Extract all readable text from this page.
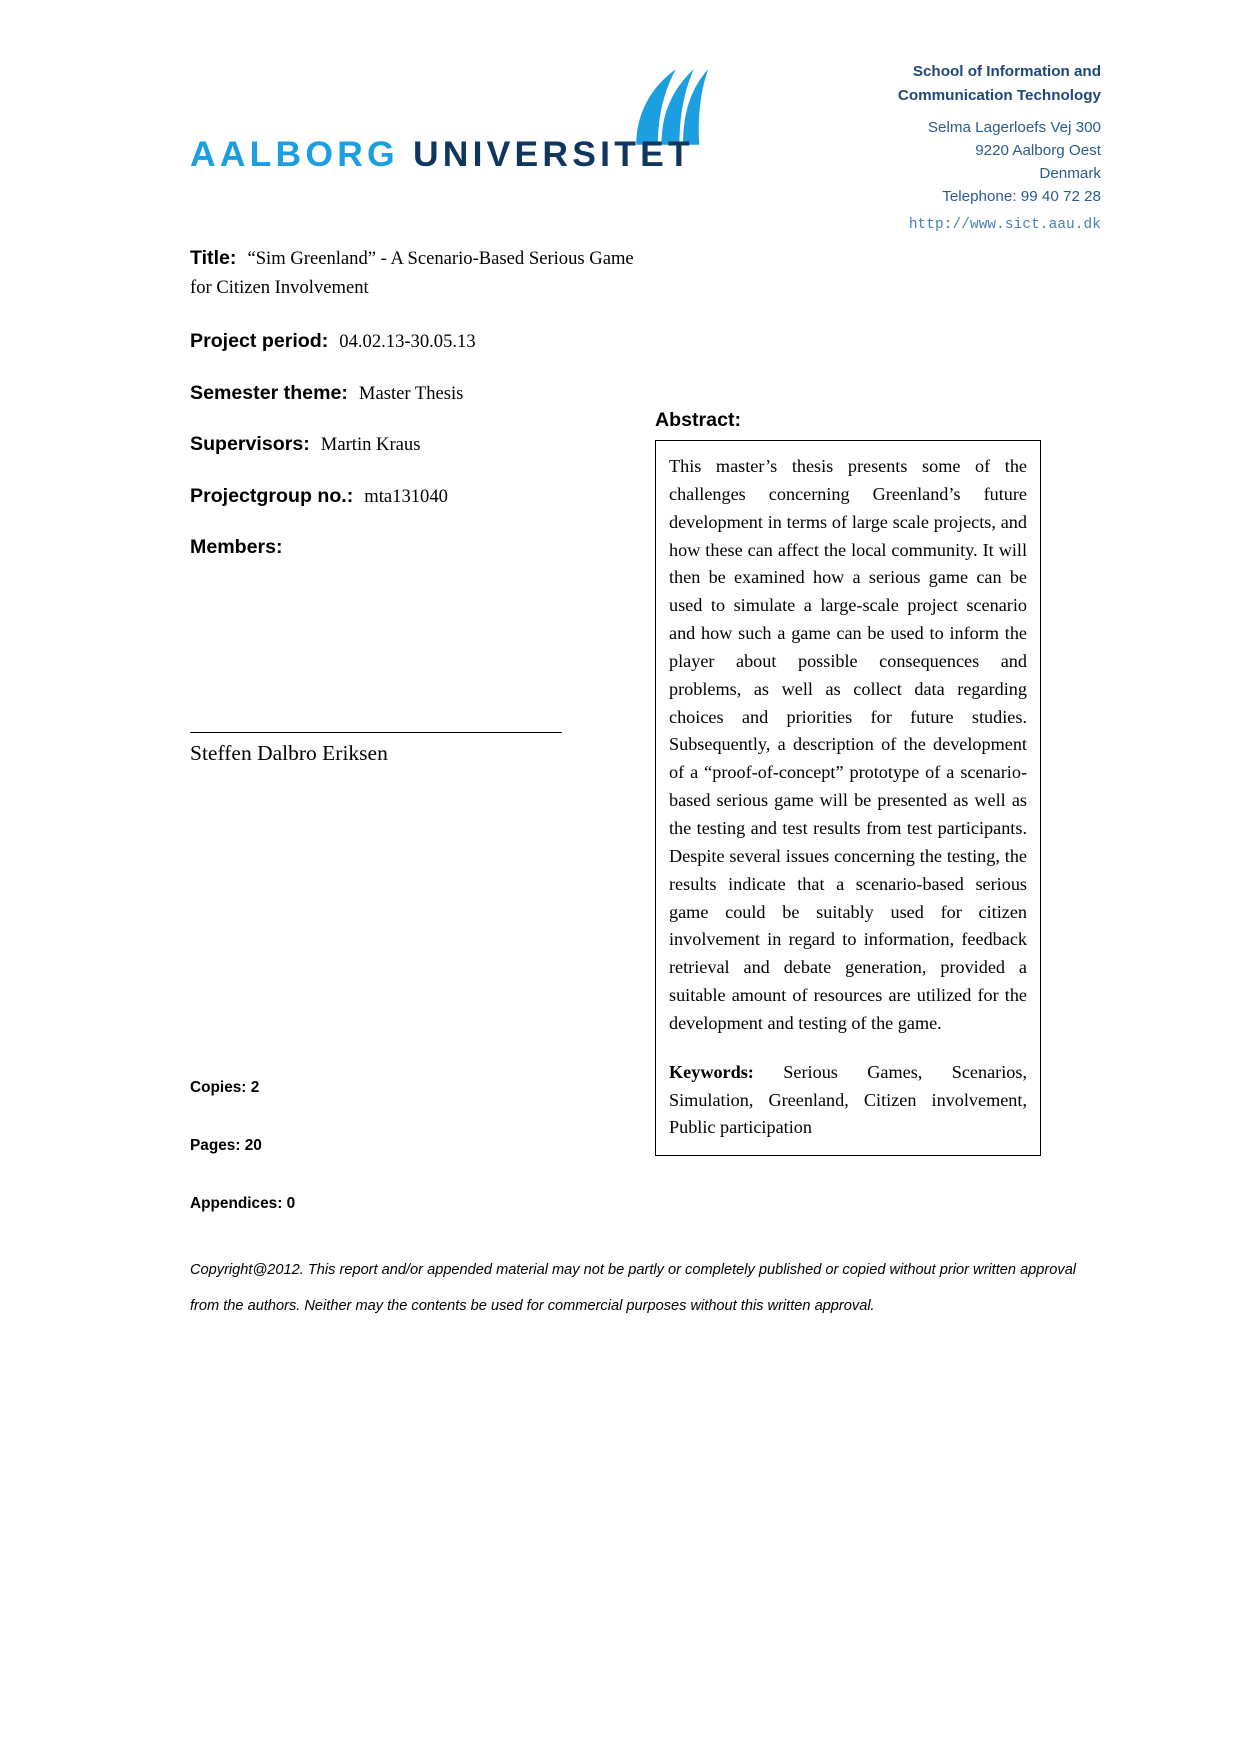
AALBORG UNIVERSITET
School of Information and
Communication Technology
Selma Lagerloefs Vej 300
9220 Aalborg Oest
Denmark
Telephone: 99 40 72 28
http://www.sict.aau.dk
Title: “Sim Greenland” - A Scenario-Based Serious Game
for Citizen Involvement
Project period: 04.02.13-30.05.13
Semester theme: Master Thesis
Supervisors: Martin Kraus
Projectgroup no.: mta131040
Members:
Steffen Dalbro Eriksen
Copies: 2
Pages: 20
Appendices: 0
Abstract:

This master’s thesis presents some of the challenges concerning Greenland’s future development in terms of large scale projects, and how these can affect the local community. It will then be examined how a serious game can be used to simulate a large-scale project scenario and how such a game can be used to inform the player about possible consequences and problems, as well as collect data regarding choices and priorities for future studies. Subsequently, a description of the development of a “proof-of-concept” prototype of a scenario-based serious game will be presented as well as the testing and test results from test participants. Despite several issues concerning the testing, the results indicate that a scenario-based serious game could be suitably used for citizen involvement in regard to information, feedback retrieval and debate generation, provided a suitable amount of resources are utilized for the development and testing of the game.

Keywords: Serious Games, Scenarios, Simulation, Greenland, Citizen involvement, Public participation

Copyright@2012. This report and/or appended material may not be partly or completely published or copied without prior written approval
from the authors. Neither may the contents be used for commercial purposes without this written approval.
